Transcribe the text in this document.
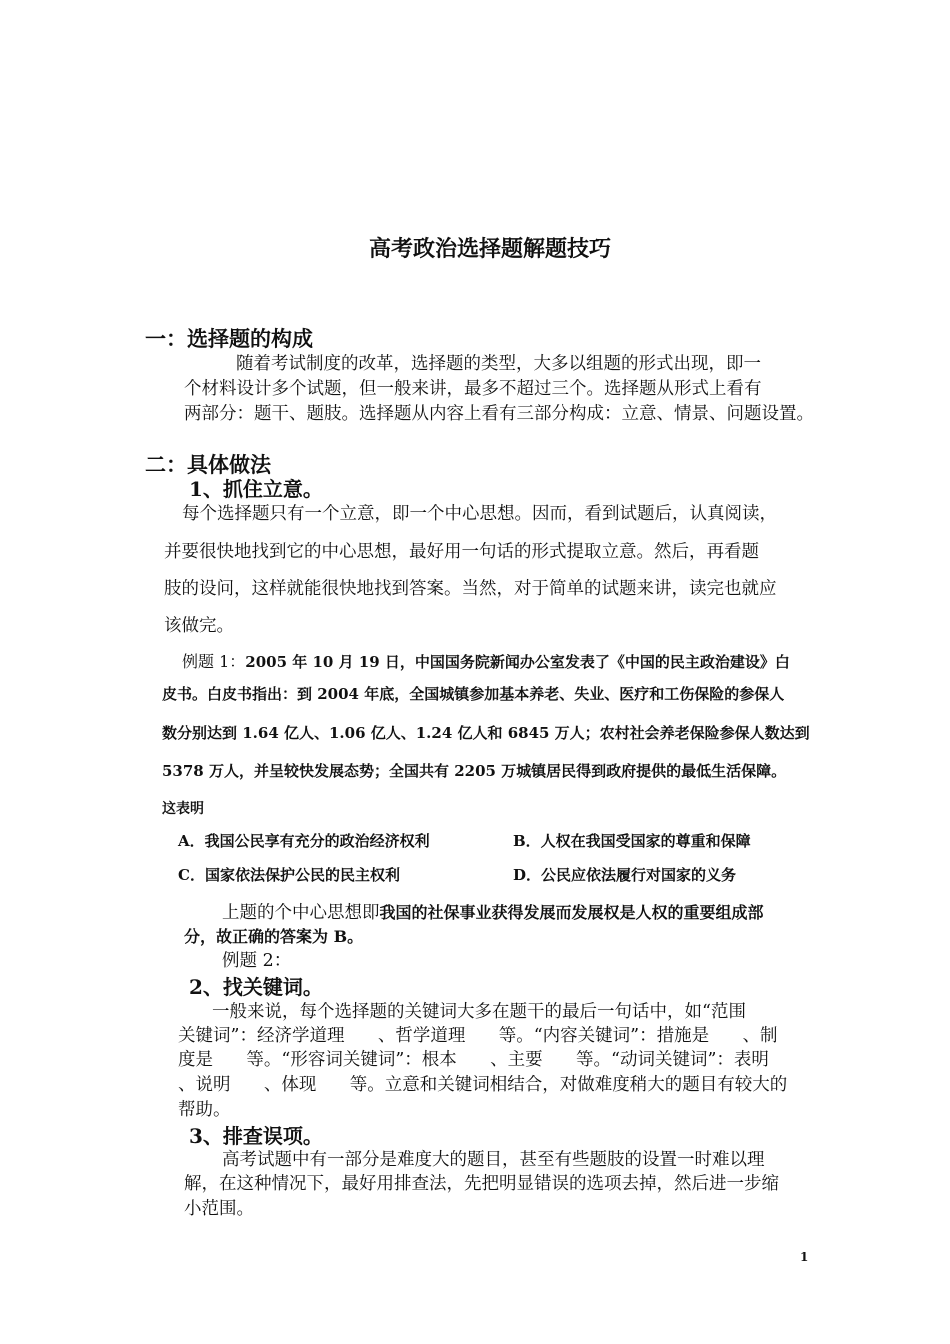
高考政治选择题解题技巧
一：选择题的构成
随着考试制度的改革，选择题的类型，大多以组题的形式出现，即一
个材料设计多个试题，但一般来讲，最多不超过三个。选择题从形式上看有
两部分：题干、题肢。选择题从内容上看有三部分构成：立意、情景、问题设置。
二：具体做法
1、抓住立意。
每个选择题只有一个立意，即一个中心思想。因而，看到试题后，认真阅读，
并要很快地找到它的中心思想，最好用一句话的形式提取立意。然后，再看题
肢的设问，这样就能很快地找到答案。当然，对于简单的试题来讲，读完也就应
该做完。
例题 1：2005 年 10 月 19 日，中国国务院新闻办公室发表了《中国的民主政治建设》白
皮书。白皮书指出：到 2004 年底，全国城镇参加基本养老、失业、医疗和工伤保险的参保人
数分别达到 1.64 亿人、1.06 亿人、1.24 亿人和 6845 万人；农村社会养老保险参保人数达到
5378 万人，并呈较快发展态势；全国共有 2205 万城镇居民得到政府提供的最低生活保障。
这表明
A．我国公民享有充分的政治经济权利	B．人权在我国受国家的尊重和保障
C．国家依法保护公民的民主权利	D．公民应依法履行对国家的义务
上题的个中心思想即我国的社保事业获得发展而发展权是人权的重要组成部
分，故正确的答案为 B。
例题 2：
2、找关键词。
一般来说，每个选择题的关键词大多在题干的最后一句话中，如“范围
关键词”：经济学道理      、哲学道理      等。“内容关键词”：措施是      、制
度是      等。“形容词关键词”：根本      、主要      等。“动词关键词”：表明
、说明      、体现      等。立意和关键词相结合，对做难度稍大的题目有较大的
帮助。
3、排查误项。
高考试题中有一部分是难度大的题目，甚至有些题肢的设置一时难以理
解，在这种情况下，最好用排查法，先把明显错误的选项去掉，然后进一步缩
小范围。
1
